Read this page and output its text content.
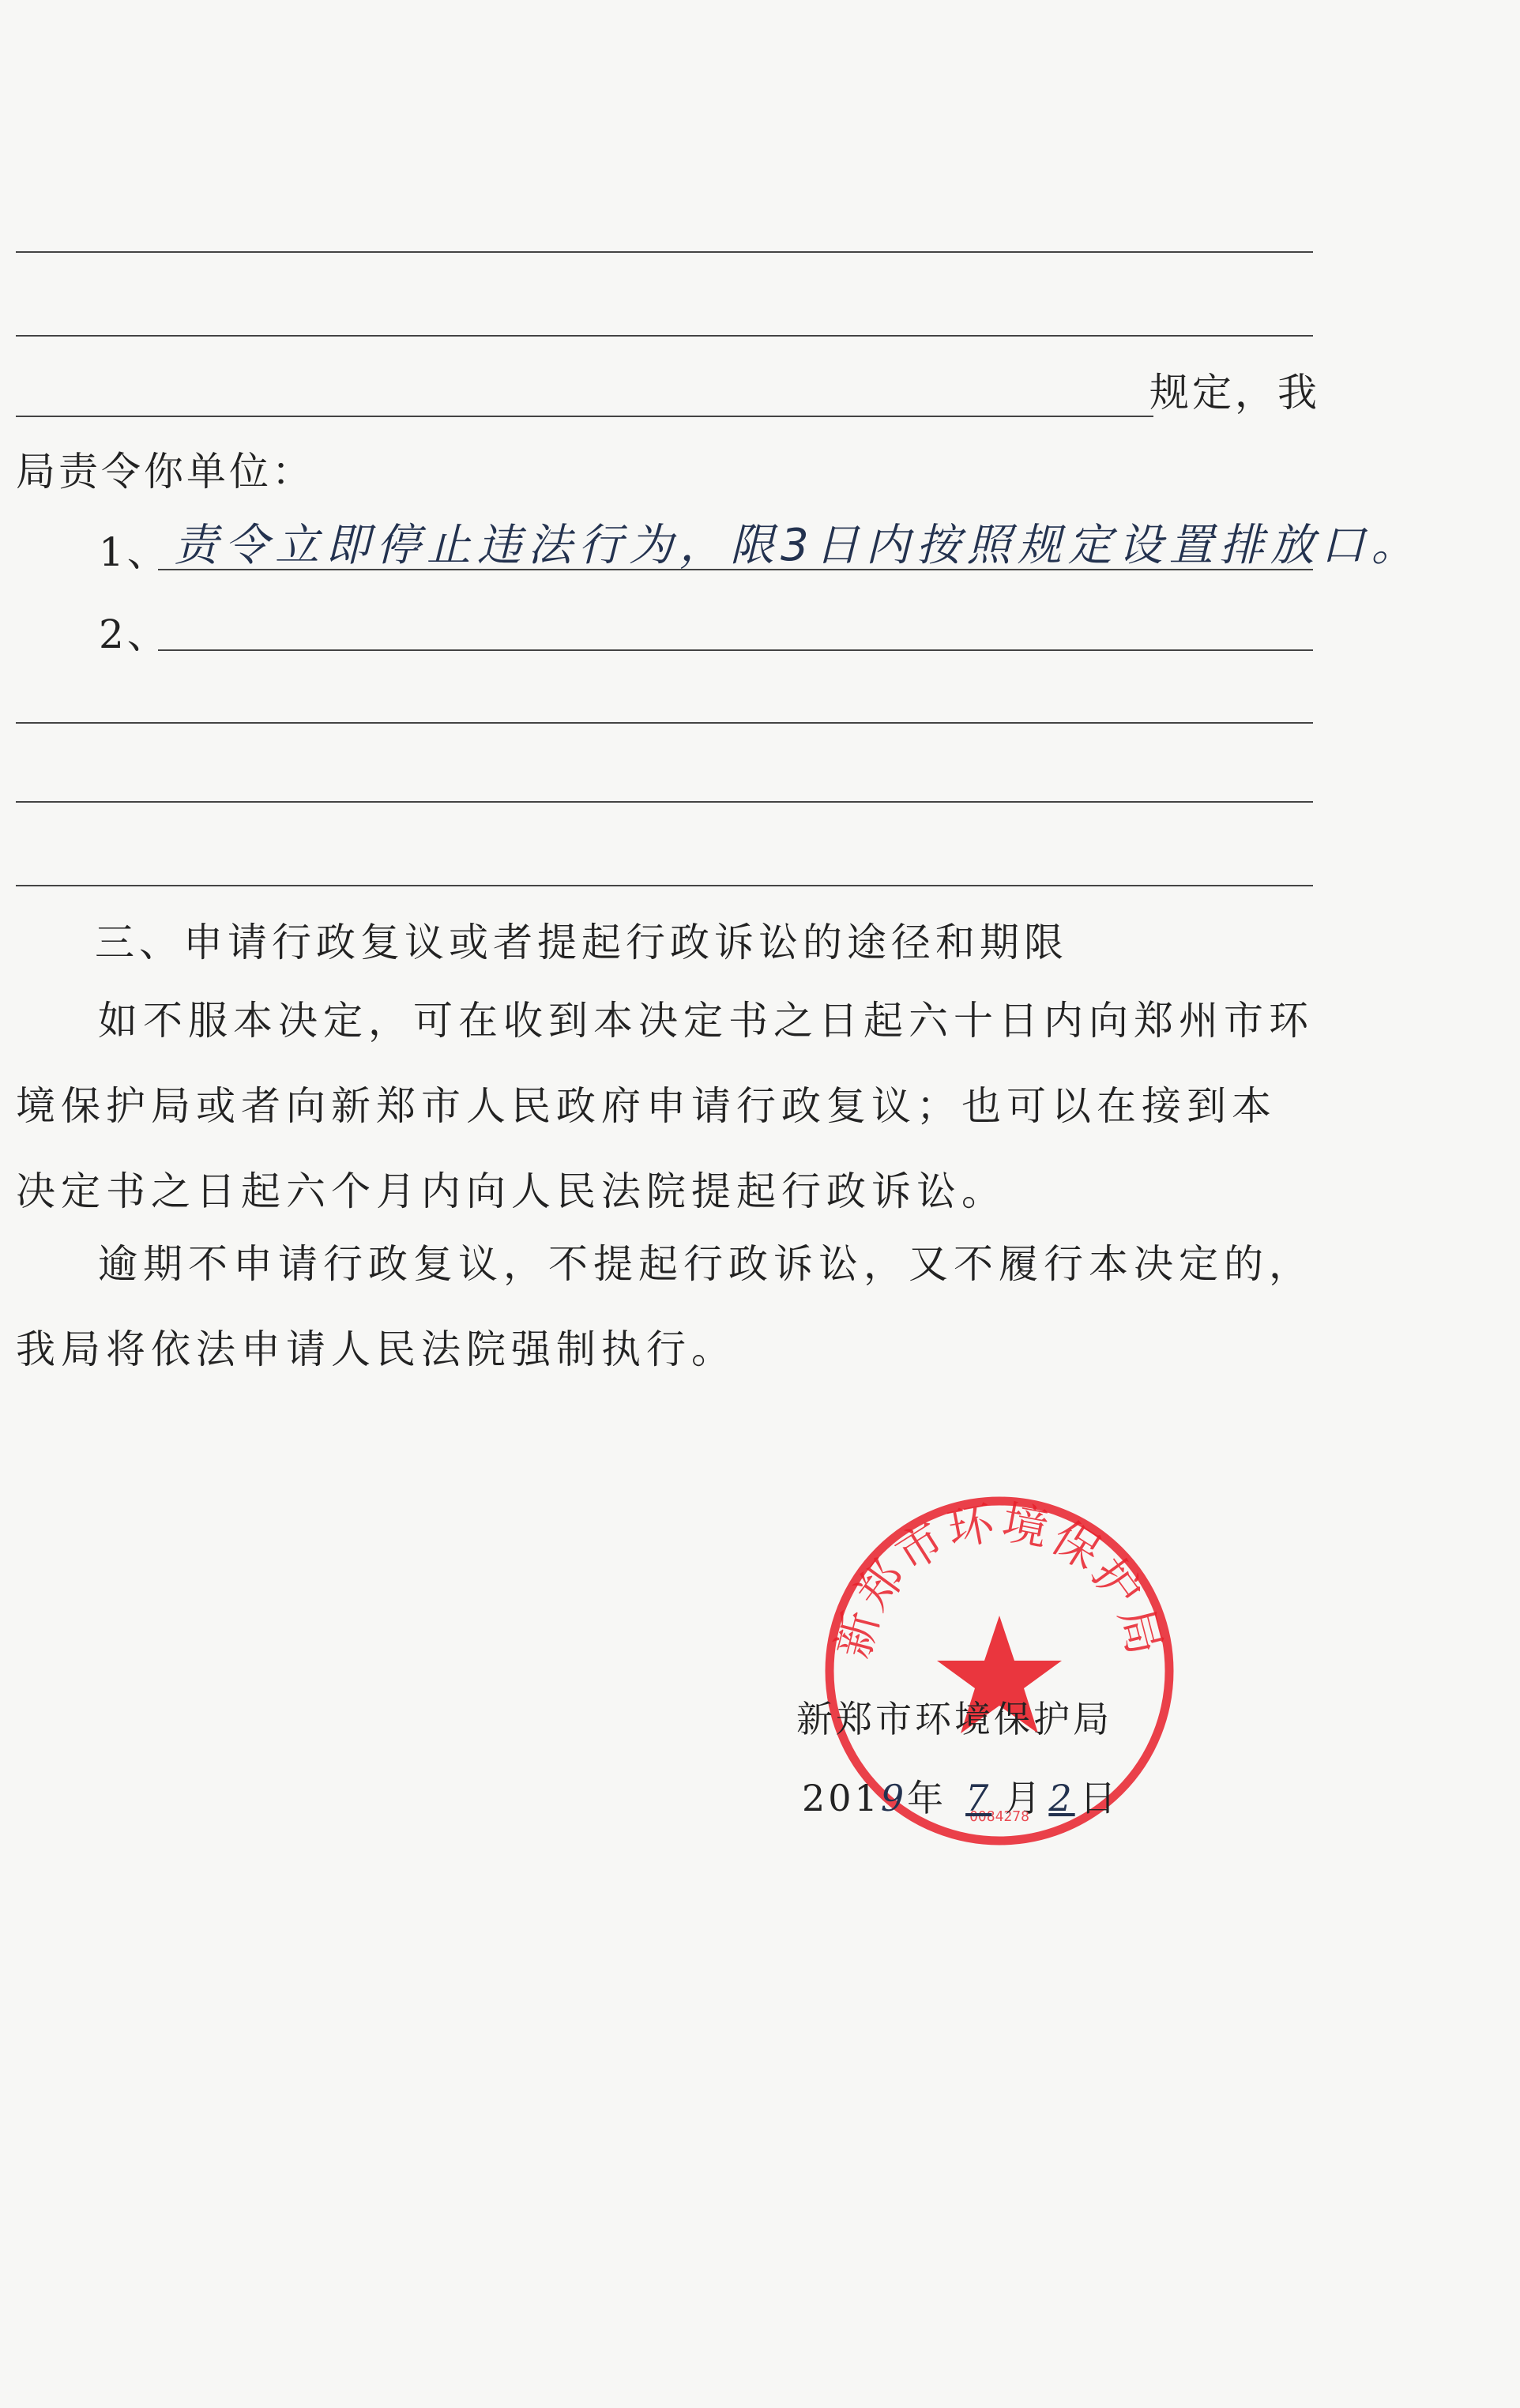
规定，我
局责令你单位：
1、 责令立即停止违法行为，限3日内按照规定设置排放口。
2、
三、申请行政复议或者提起行政诉讼的途径和期限
如不服本决定，可在收到本决定书之日起六十日内向郑州市环境保护局或者向新郑市人民政府申请行政复议；也可以在接到本决定书之日起六个月内向人民法院提起行政诉讼。
逾期不申请行政复议，不提起行政诉讼，又不履行本决定的，我局将依法申请人民法院强制执行。
新郑市环境保护局
0084278
新郑市环境保护局
2019年 7 月 2 日
